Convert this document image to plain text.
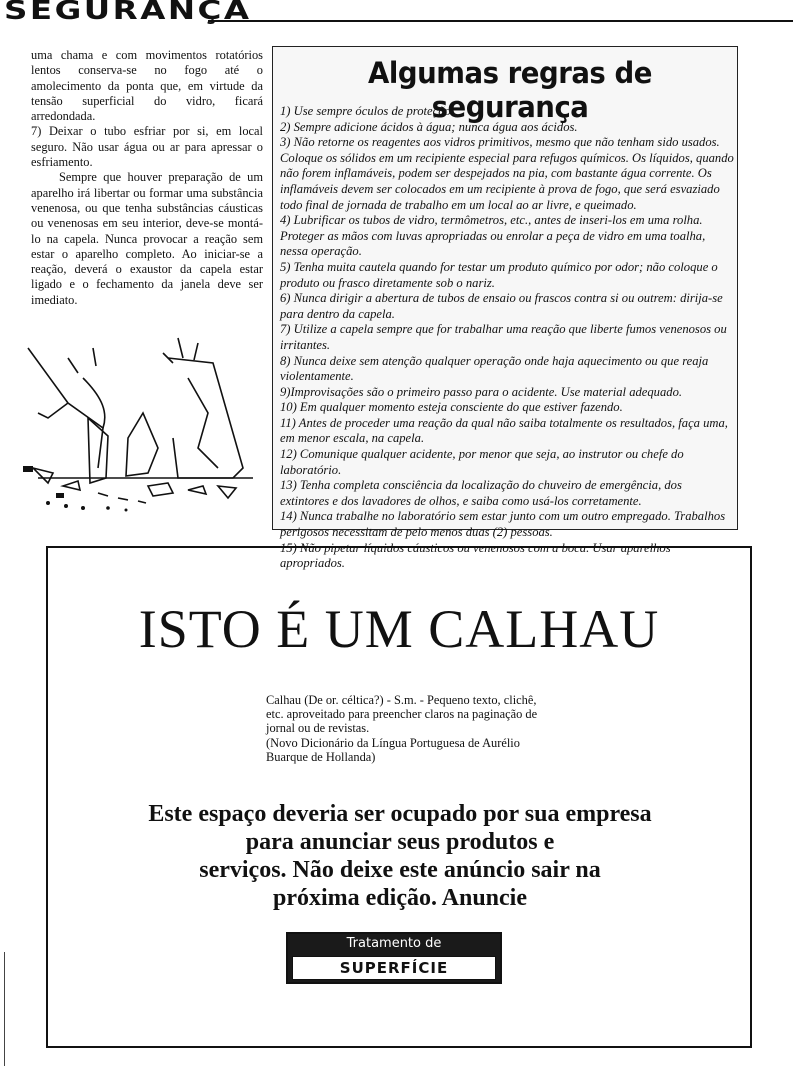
SEGURANÇA

uma chama e com movimentos rotatórios lentos conserva-se no fogo até o amolecimento da ponta que, em virtude da tensão superficial do vidro, ficará arredondada.

7) Deixar o tubo esfriar por si, em local seguro. Não usar água ou ar para apressar o esfriamento.

Sempre que houver preparação de um aparelho irá libertar ou formar uma substância venenosa, ou que tenha substâncias cáusticas ou venenosas em seu interior, deve-se montá-lo na capela. Nunca provocar a reação sem estar o aparelho completo. Ao iniciar-se a reação, deverá o exaustor da capela estar ligado e o fechamento da janela deve ser imediato.

Algumas regras de segurança
1) Use sempre óculos de proteção.
2) Sempre adicione ácidos à água; nunca água aos ácidos.
3) Não retorne os reagentes aos vidros primitivos, mesmo que não tenham sido usados. Coloque os sólidos em um recipiente especial para refugos químicos. Os líquidos, quando não forem inflamáveis, podem ser despejados na pia, com bastante água corrente. Os inflamáveis devem ser colocados em um recipiente à prova de fogo, que será esvaziado todo final de jornada de trabalho em um local ao ar livre, e queimado.
4) Lubrificar os tubos de vidro, termômetros, etc., antes de inseri-los em uma rolha. Proteger as mãos com luvas apropriadas ou enrolar a peça de vidro em uma toalha, nessa operação.
5) Tenha muita cautela quando for testar um produto químico por odor; não coloque o produto ou frasco diretamente sob o nariz.
6) Nunca dirigir a abertura de tubos de ensaio ou frascos contra si ou outrem: dirija-se para dentro da capela.
7) Utilize a capela sempre que for trabalhar uma reação que liberte fumos venenosos ou irritantes.
8) Nunca deixe sem atenção qualquer operação onde haja aquecimento ou que reaja violentamente.
9)Improvisações são o primeiro passo para o acidente. Use material adequado.
10) Em qualquer momento esteja consciente do que estiver fazendo.
11) Antes de proceder uma reação da qual não saiba totalmente os resultados, faça uma, em menor escala, na capela.
12) Comunique qualquer acidente, por menor que seja, ao instrutor ou chefe do laboratório.
13) Tenha completa consciência da localização do chuveiro de emergência, dos extintores e dos lavadores de olhos, e saiba como usá-los corretamente.
14) Nunca trabalhe no laboratório sem estar junto com um outro empregado. Trabalhos perigosos necessitam de pelo menos duas (2) pessoas.
15) Não pipetar líquidos cáusticos ou venenosos com a boca. Usar aparelhos apropriados.
ISTO É UM CALHAU

Calhau (De or. céltica?) - S.m. - Pequeno texto, clichê, etc. aproveitado para preencher claros na paginação de jornal ou de revistas.

(Novo Dicionário da Língua Portuguesa de Aurélio Buarque de Hollanda)

Este espaço deveria ser ocupado por sua empresa

para anunciar seus produtos e

serviços. Não deixe este anúncio sair na

próxima edição. Anuncie

Tratamento de
SUPERFÍCIE
